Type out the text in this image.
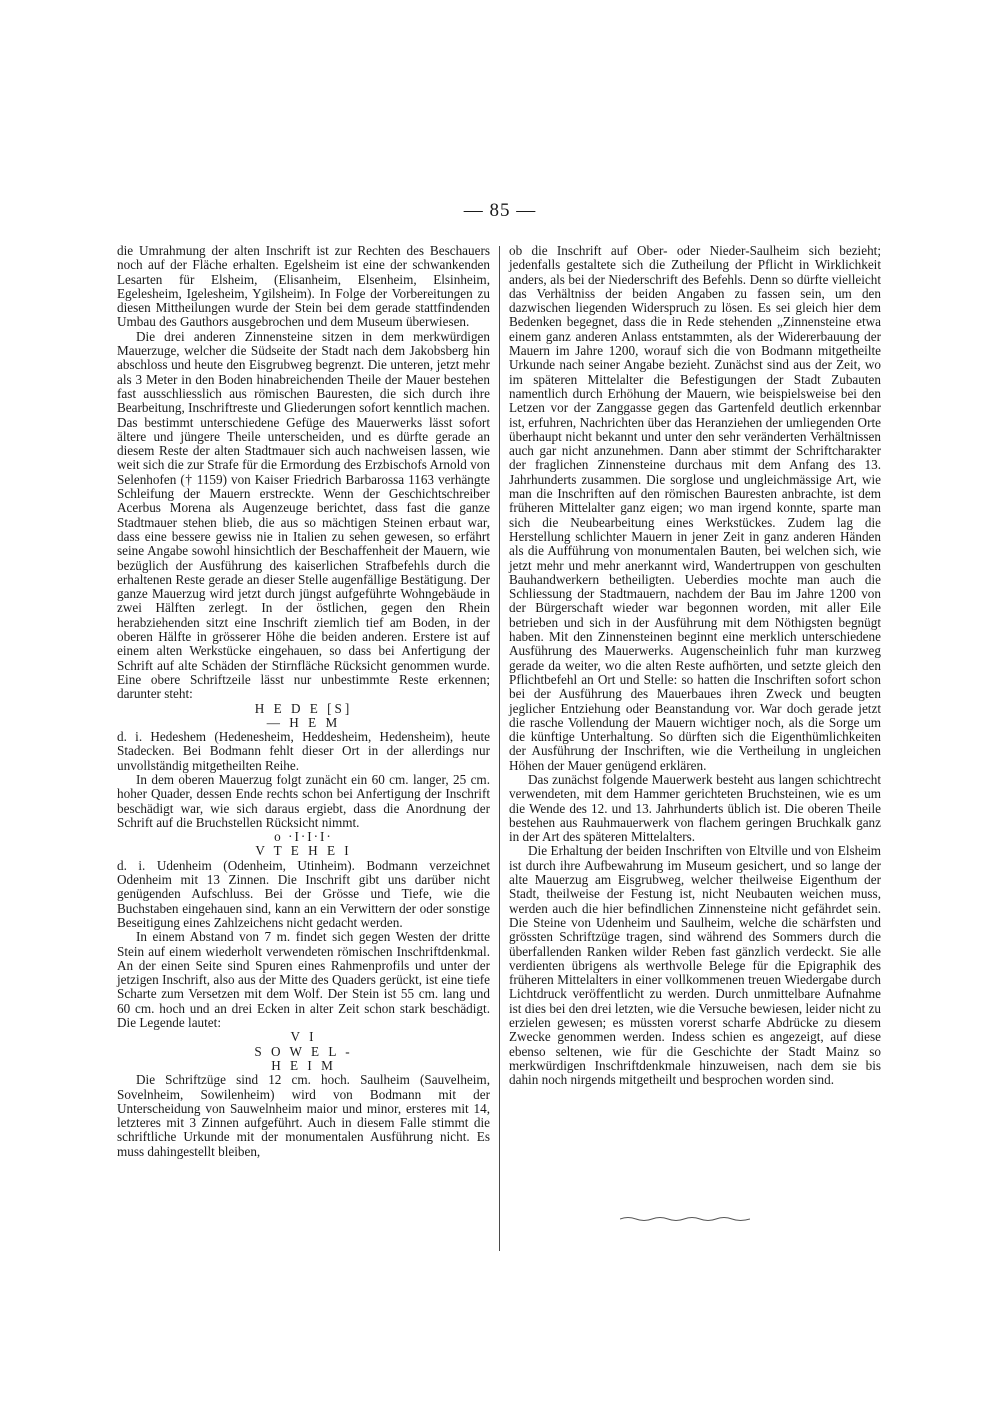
— 85 —

die Umrahmung der alten Inschrift ist zur Rechten des Beschauers noch auf der Fläche erhalten. Egelsheim ist eine der schwankenden Lesarten für Elsheim, (Elisanheim, Elsenheim, Elsinheim, Egelesheim, Igelesheim, Ygilsheim). In Folge der Vorbereitungen zu diesen Mittheilungen wurde der Stein bei dem gerade stattfindenden Umbau des Gauthors ausgebrochen und dem Museum überwiesen.

Die drei anderen Zinnensteine sitzen in dem merkwürdigen Mauerzuge, welcher die Südseite der Stadt nach dem Jakobsberg hin abschloss und heute den Eisgrubweg begrenzt. Die unteren, jetzt mehr als 3 Meter in den Boden hinabreichenden Theile der Mauer bestehen fast ausschliesslich aus römischen Bauresten, die sich durch ihre Bearbeitung, Inschriftreste und Gliederungen sofort kenntlich machen. Das bestimmt unterschiedene Gefüge des Mauerwerks lässt sofort ältere und jüngere Theile unterscheiden, und es dürfte gerade an diesem Reste der alten Stadtmauer sich auch nachweisen lassen, wie weit sich die zur Strafe für die Ermordung des Erzbischofs Arnold von Selenhofen († 1159) von Kaiser Friedrich Barbarossa 1163 verhängte Schleifung der Mauern erstreckte. Wenn der Geschichtschreiber Acerbus Morena als Augenzeuge berichtet, dass fast die ganze Stadtmauer stehen blieb, die aus so mächtigen Steinen erbaut war, dass eine bessere gewiss nie in Italien zu sehen gewesen, so erfährt seine Angabe sowohl hinsichtlich der Beschaffenheit der Mauern, wie bezüglich der Ausführung des kaiserlichen Strafbefehls durch die erhaltenen Reste gerade an dieser Stelle augenfällige Bestätigung. Der ganze Mauerzug wird jetzt durch jüngst aufgeführte Wohngebäude in zwei Hälften zerlegt. In der östlichen, gegen den Rhein herabziehenden sitzt eine Inschrift ziemlich tief am Boden, in der oberen Hälfte in grösserer Höhe die beiden anderen. Erstere ist auf einem alten Werkstücke eingehauen, so dass bei Anfertigung der Schrift auf alte Schäden der Stirnfläche Rücksicht genommen wurde. Eine obere Schriftzeile lässt nur unbestimmte Reste erkennen; darunter steht:

H E D E [S]

— H E M

d. i. Hedeshem (Hedenesheim, Heddesheim, Hedensheim), heute Stadecken. Bei Bodmann fehlt dieser Ort in der allerdings nur unvollständig mitgetheilten Reihe.

In dem oberen Mauerzug folgt zunächt ein 60 cm. langer, 25 cm. hoher Quader, dessen Ende rechts schon bei Anfertigung der Inschrift beschädigt war, wie sich daraus ergiebt, dass die Anordnung der Schrift auf die Bruchstellen Rücksicht nimmt.

o ·I·I·I·

V T E H E I

d. i. Udenheim (Odenheim, Utinheim). Bodmann verzeichnet Odenheim mit 13 Zinnen. Die Inschrift gibt uns darüber nicht genügenden Aufschluss. Bei der Grösse und Tiefe, wie die Buchstaben eingehauen sind, kann an ein Verwittern der oder sonstige Beseitigung eines Zahlzeichens nicht gedacht werden.

In einem Abstand von 7 m. findet sich gegen Westen der dritte Stein auf einem wiederholt verwendeten römischen Inschriftdenkmal. An der einen Seite sind Spuren eines Rahmenprofils und unter der jetzigen Inschrift, also aus der Mitte des Quaders gerückt, ist eine tiefe Scharte zum Versetzen mit dem Wolf. Der Stein ist 55 cm. lang und 60 cm. hoch und an drei Ecken in alter Zeit schon stark beschädigt. Die Legende lautet:

V I

S O W E L -

H E I M

Die Schriftzüge sind 12 cm. hoch. Saulheim (Sauvelheim, Sovelnheim, Sowilenheim) wird von Bodmann mit der Unterscheidung von Sauwelnheim maior und minor, ersteres mit 14, letzteres mit 3 Zinnen aufgeführt. Auch in diesem Falle stimmt die schriftliche Urkunde mit der monumentalen Ausführung nicht. Es muss dahingestellt bleiben,

ob die Inschrift auf Ober- oder Nieder-Saulheim sich bezieht; jedenfalls gestaltete sich die Zutheilung der Pflicht in Wirklichkeit anders, als bei der Niederschrift des Befehls. Denn so dürfte vielleicht das Verhältniss der beiden Angaben zu fassen sein, um den dazwischen liegenden Widerspruch zu lösen. Es sei gleich hier dem Bedenken begegnet, dass die in Rede stehenden „Zinnensteine etwa einem ganz anderen Anlass entstammten, als der Widererbauung der Mauern im Jahre 1200, worauf sich die von Bodmann mitgetheilte Urkunde nach seiner Angabe bezieht. Zunächst sind aus der Zeit, wo im späteren Mittelalter die Befestigungen der Stadt Zubauten namentlich durch Erhöhung der Mauern, wie beispielsweise bei den Letzen vor der Zanggasse gegen das Gartenfeld deutlich erkennbar ist, erfuhren, Nachrichten über das Heranziehen der umliegenden Orte überhaupt nicht bekannt und unter den sehr veränderten Verhältnissen auch gar nicht anzunehmen. Dann aber stimmt der Schriftcharakter der fraglichen Zinnensteine durchaus mit dem Anfang des 13. Jahrhunderts zusammen. Die sorglose und ungleichmässige Art, wie man die Inschriften auf den römischen Bauresten anbrachte, ist dem früheren Mittelalter ganz eigen; wo man irgend konnte, sparte man sich die Neubearbeitung eines Werkstückes. Zudem lag die Herstellung schlichter Mauern in jener Zeit in ganz anderen Händen als die Aufführung von monumentalen Bauten, bei welchen sich, wie jetzt mehr und mehr anerkannt wird, Wandertruppen von geschulten Bauhandwerkern betheiligten. Ueberdies mochte man auch die Schliessung der Stadtmauern, nachdem der Bau im Jahre 1200 von der Bürgerschaft wieder war begonnen worden, mit aller Eile betrieben und sich in der Ausführung mit dem Nöthigsten begnügt haben. Mit den Zinnensteinen beginnt eine merklich unterschiedene Ausführung des Mauerwerks. Augenscheinlich fuhr man kurzweg gerade da weiter, wo die alten Reste aufhörten, und setzte gleich den Pflichtbefehl an Ort und Stelle: so hatten die Inschriften sofort schon bei der Ausführung des Mauerbaues ihren Zweck und beugten jeglicher Entziehung oder Beanstandung vor. War doch gerade jetzt die rasche Vollendung der Mauern wichtiger noch, als die Sorge um die künftige Unterhaltung. So dürften sich die Eigenthümlichkeiten der Ausführung der Inschriften, wie die Vertheilung in ungleichen Höhen der Mauer genügend erklären.

Das zunächst folgende Mauerwerk besteht aus langen schichtrecht verwendeten, mit dem Hammer gerichteten Bruchsteinen, wie es um die Wende des 12. und 13. Jahrhunderts üblich ist. Die oberen Theile bestehen aus Rauhmauerwerk von flachem geringen Bruchkalk ganz in der Art des späteren Mittelalters.

Die Erhaltung der beiden Inschriften von Eltville und von Elsheim ist durch ihre Aufbewahrung im Museum gesichert, und so lange der alte Mauerzug am Eisgrubweg, welcher theilweise Eigenthum der Stadt, theilweise der Festung ist, nicht Neubauten weichen muss, werden auch die hier befindlichen Zinnensteine nicht gefährdet sein. Die Steine von Udenheim und Saulheim, welche die schärfsten und grössten Schriftzüge tragen, sind während des Sommers durch die überfallenden Ranken wilder Reben fast gänzlich verdeckt. Sie alle verdienten übrigens als werthvolle Belege für die Epigraphik des früheren Mittelalters in einer vollkommenen treuen Wiedergabe durch Lichtdruck veröffentlicht zu werden. Durch unmittelbare Aufnahme ist dies bei den drei letzten, wie die Versuche bewiesen, leider nicht zu erzielen gewesen; es müssten vorerst scharfe Abdrücke zu diesem Zwecke genommen werden. Indess schien es angezeigt, auf diese ebenso seltenen, wie für die Geschichte der Stadt Mainz so merkwürdigen Inschriftdenkmale hinzuweisen, nach dem sie bis dahin noch nirgends mitgetheilt und besprochen worden sind.
